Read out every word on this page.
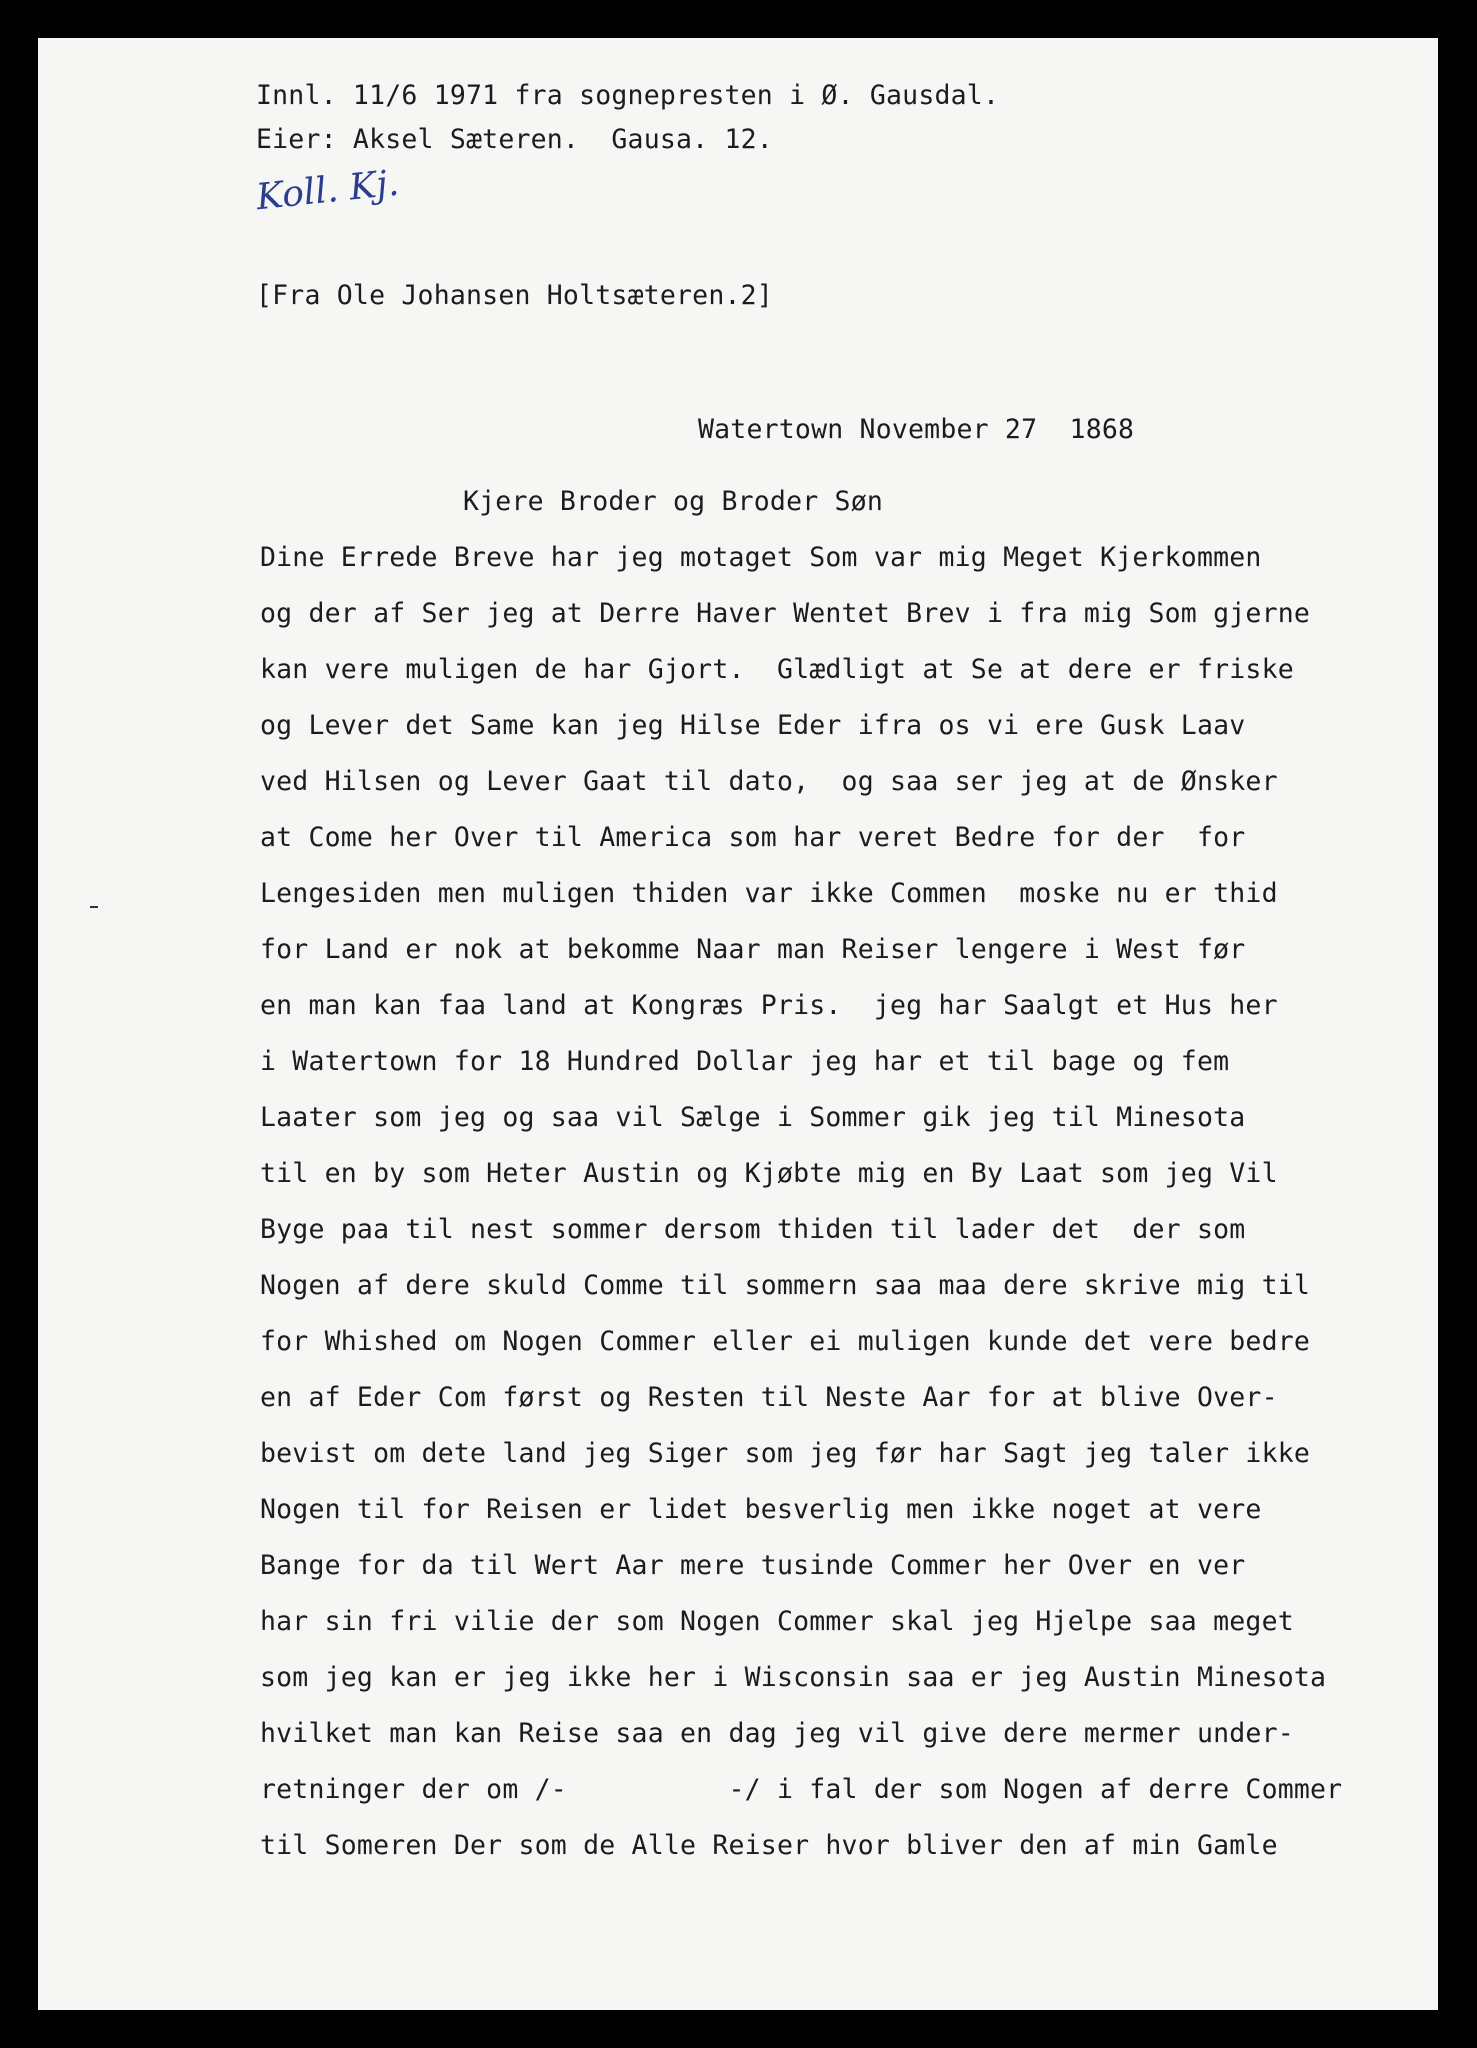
Innl. 11/6 1971 fra sognepresten i Ø. Gausdal.
Eier: Aksel Sæteren.  Gausa. 12.
Koll. Kj.
[Fra Ole Johansen Holtsæteren.2]
Watertown November 27  1868
Kjere Broder og Broder Søn
Dine Errede Breve har jeg motaget Som var mig Meget Kjerkommen
og der af Ser jeg at Derre Haver Wentet Brev i fra mig Som gjerne
kan vere muligen de har Gjort.  Glædligt at Se at dere er friske
og Lever det Same kan jeg Hilse Eder ifra os vi ere Gusk Laav
ved Hilsen og Lever Gaat til dato,  og saa ser jeg at de Ønsker
at Come her Over til America som har veret Bedre for der  for
Lengesiden men muligen thiden var ikke Commen  moske nu er thid
for Land er nok at bekomme Naar man Reiser lengere i West før
en man kan faa land at Kongræs Pris.  jeg har Saalgt et Hus her
i Watertown for 18 Hundred Dollar jeg har et til bage og fem
Laater som jeg og saa vil Sælge i Sommer gik jeg til Minesota
til en by som Heter Austin og Kjøbte mig en By Laat som jeg Vil
Byge paa til nest sommer dersom thiden til lader det  der som
Nogen af dere skuld Comme til sommern saa maa dere skrive mig til
for Whished om Nogen Commer eller ei muligen kunde det vere bedre
en af Eder Com først og Resten til Neste Aar for at blive Over-
bevist om dete land jeg Siger som jeg før har Sagt jeg taler ikke
Nogen til for Reisen er lidet besverlig men ikke noget at vere
Bange for da til Wert Aar mere tusinde Commer her Over en ver
har sin fri vilie der som Nogen Commer skal jeg Hjelpe saa meget
som jeg kan er jeg ikke her i Wisconsin saa er jeg Austin Minesota
hvilket man kan Reise saa en dag jeg vil give dere mermer under-
retninger der om /-          -/ i fal der som Nogen af derre Commer
til Someren Der som de Alle Reiser hvor bliver den af min Gamle
